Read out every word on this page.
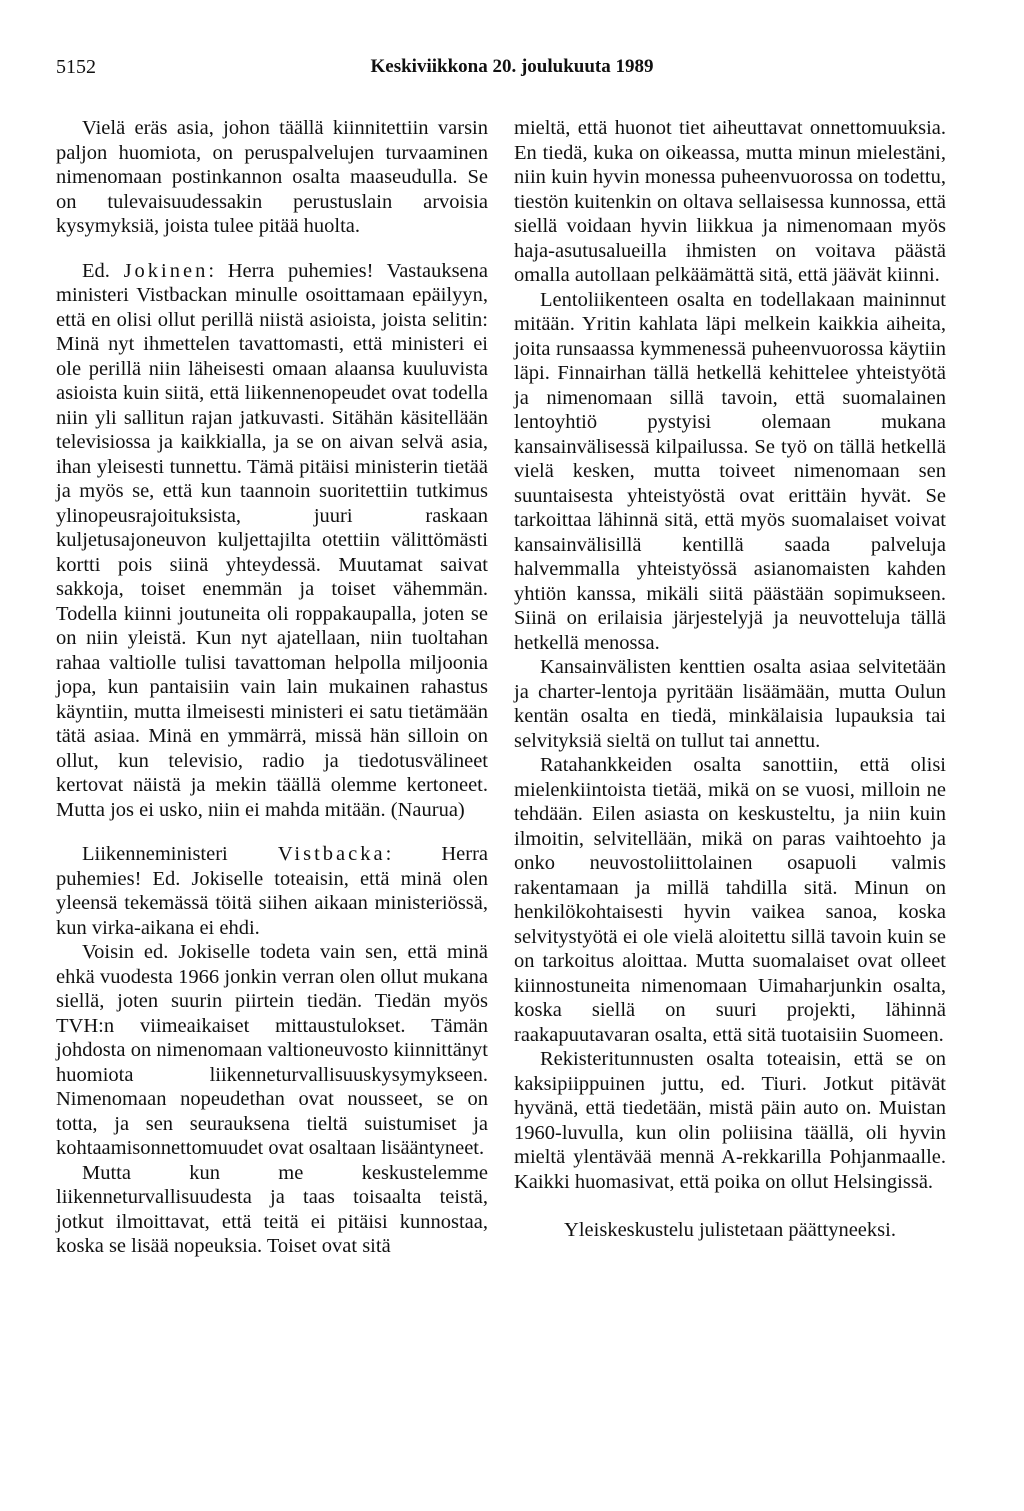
5152	Keskiviikkona 20. joulukuuta 1989

Vielä eräs asia, johon täällä kiinnitettiin varsin paljon huomiota, on peruspalvelujen turvaaminen nimenomaan postinkannon osalta maaseudulla. Se on tulevaisuudessakin perustuslain arvoisia kysymyksiä, joista tulee pitää huolta.

Ed. Jokinen: Herra puhemies! Vastauksena ministeri Vistbackan minulle osoittamaan epäilyyn, että en olisi ollut perillä niistä asioista, joista selitin: Minä nyt ihmettelen tavattomasti, että ministeri ei ole perillä niin läheisesti omaan alaansa kuuluvista asioista kuin siitä, että liikennenopeudet ovat todella niin yli sallitun rajan jatkuvasti. Sitähän käsitellään televisiossa ja kaikkialla, ja se on aivan selvä asia, ihan yleisesti tunnettu. Tämä pitäisi ministerin tietää ja myös se, että kun taannoin suoritettiin tutkimus ylinopeusrajoituksista, juuri raskaan kuljetusajoneuvon kuljettajilta otettiin välittömästi kortti pois siinä yhteydessä. Muutamat saivat sakkoja, toiset enemmän ja toiset vähemmän. Todella kiinni joutuneita oli roppakaupalla, joten se on niin yleistä. Kun nyt ajatellaan, niin tuoltahan rahaa valtiolle tulisi tavattoman helpolla miljoonia jopa, kun pantaisiin vain lain mukainen rahastus käyntiin, mutta ilmeisesti ministeri ei satu tietämään tätä asiaa. Minä en ymmärrä, missä hän silloin on ollut, kun televisio, radio ja tiedotusvälineet kertovat näistä ja mekin täällä olemme kertoneet. Mutta jos ei usko, niin ei mahda mitään. (Naurua)

Liikenneministeri Vistbacka: Herra puhemies! Ed. Jokiselle toteaisin, että minä olen yleensä tekemässä töitä siihen aikaan ministeriössä, kun virka-aikana ei ehdi.

Voisin ed. Jokiselle todeta vain sen, että minä ehkä vuodesta 1966 jonkin verran olen ollut mukana siellä, joten suurin piirtein tiedän. Tiedän myös TVH:n viimeaikaiset mittaustulokset. Tämän johdosta on nimenomaan valtioneuvosto kiinnittänyt huomiota liikenneturvallisuuskysymykseen. Nimenomaan nopeudethan ovat nousseet, se on totta, ja sen seurauksena tieltä suistumiset ja kohtaamisonnettomuudet ovat osaltaan lisääntyneet.

Mutta kun me keskustelemme liikenneturvallisuudesta ja taas toisaalta teistä, jotkut ilmoittavat, että teitä ei pitäisi kunnostaa, koska se lisää nopeuksia. Toiset ovat sitä

mieltä, että huonot tiet aiheuttavat onnettomuuksia. En tiedä, kuka on oikeassa, mutta minun mielestäni, niin kuin hyvin monessa puheenvuorossa on todettu, tiestön kuitenkin on oltava sellaisessa kunnossa, että siellä voidaan hyvin liikkua ja nimenomaan myös haja-asutusalueilla ihmisten on voitava päästä omalla autollaan pelkäämättä sitä, että jäävät kiinni.

Lentoliikenteen osalta en todellakaan maininnut mitään. Yritin kahlata läpi melkein kaikkia aiheita, joita runsaassa kymmenessä puheenvuorossa käytiin läpi. Finnairhan tällä hetkellä kehittelee yhteistyötä ja nimenomaan sillä tavoin, että suomalainen lentoyhtiö pystyisi olemaan mukana kansainvälisessä kilpailussa. Se työ on tällä hetkellä vielä kesken, mutta toiveet nimenomaan sen suuntaisesta yhteistyöstä ovat erittäin hyvät. Se tarkoittaa lähinnä sitä, että myös suomalaiset voivat kansainvälisillä kentillä saada palveluja halvemmalla yhteistyössä asianomaisten kahden yhtiön kanssa, mikäli siitä päästään sopimukseen. Siinä on erilaisia järjestelyjä ja neuvotteluja tällä hetkellä menossa.

Kansainvälisten kenttien osalta asiaa selvitetään ja charter-lentoja pyritään lisäämään, mutta Oulun kentän osalta en tiedä, minkälaisia lupauksia tai selvityksiä sieltä on tullut tai annettu.

Ratahankkeiden osalta sanottiin, että olisi mielenkiintoista tietää, mikä on se vuosi, milloin ne tehdään. Eilen asiasta on keskusteltu, ja niin kuin ilmoitin, selvitellään, mikä on paras vaihtoehto ja onko neuvostoliittolainen osapuoli valmis rakentamaan ja millä tahdilla sitä. Minun on henkilökohtaisesti hyvin vaikea sanoa, koska selvitystyötä ei ole vielä aloitettu sillä tavoin kuin se on tarkoitus aloittaa. Mutta suomalaiset ovat olleet kiinnostuneita nimenomaan Uimaharjunkin osalta, koska siellä on suuri projekti, lähinnä raakapuutavaran osalta, että sitä tuotaisiin Suomeen.

Rekisteritunnusten osalta toteaisin, että se on kaksipiippuinen juttu, ed. Tiuri. Jotkut pitävät hyvänä, että tiedetään, mistä päin auto on. Muistan 1960-luvulla, kun olin poliisina täällä, oli hyvin mieltä ylentävää mennä A-rekkarilla Pohjanmaalle. Kaikki huomasivat, että poika on ollut Helsingissä.

Yleiskeskustelu julistetaan päättyneeksi.
